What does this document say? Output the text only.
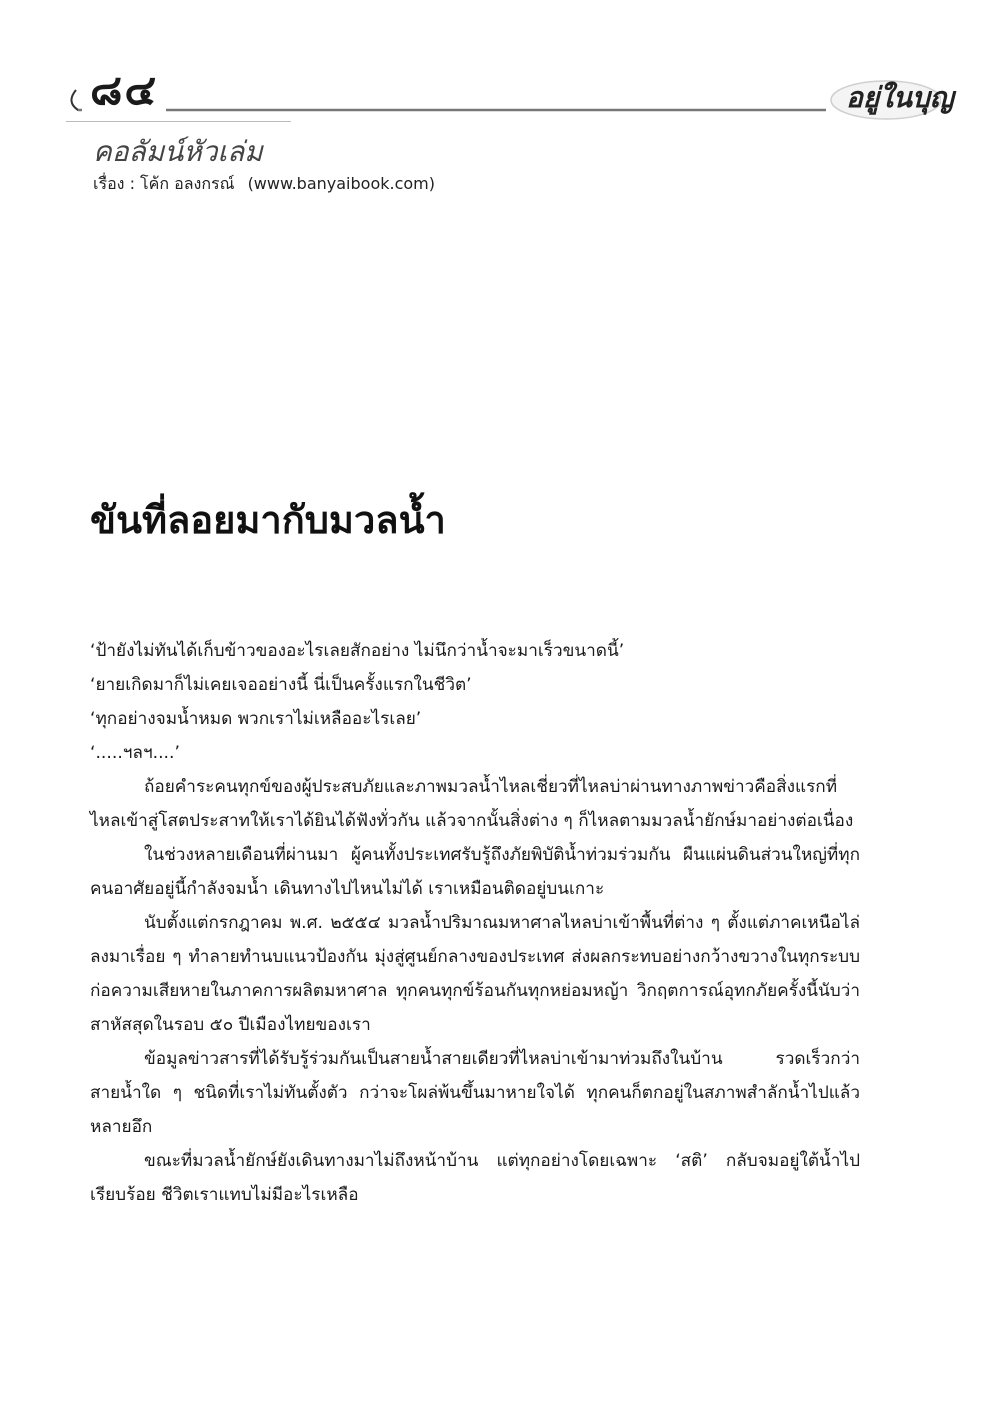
๘๔	อยู่ในบุญ
คอลัมน์หัวเล่ม
เรื่อง : โค้ก อลงกรณ์ (www.banyaibook.com)
ขันที่ลอยมากับมวลน้ำ

‘ป้ายังไม่ทันได้เก็บข้าวของอะไรเลยสักอย่าง ไม่นึกว่าน้ำจะมาเร็วขนาดนี้’

‘ยายเกิดมาก็ไม่เคยเจออย่างนี้ นี่เป็นครั้งแรกในชีวิต’

‘ทุกอย่างจมน้ำหมด พวกเราไม่เหลืออะไรเลย’

‘.....ฯลฯ....’

ถ้อยคำระคนทุกข์ของผู้ประสบภัยและภาพมวลน้ำไหลเชี่ยวที่ไหลบ่าผ่านทางภาพข่าวคือสิ่งแรกที่ไหลเข้าสู่โสตประสาทให้เราได้ยินได้ฟังทั่วกัน แล้วจากนั้นสิ่งต่าง ๆ ก็ไหลตามมวลน้ำยักษ์มาอย่างต่อเนื่อง

ในช่วงหลายเดือนที่ผ่านมา ผู้คนทั้งประเทศรับรู้ถึงภัยพิบัติน้ำท่วมร่วมกัน ผืนแผ่นดินส่วนใหญ่ที่ทุกคนอาศัยอยู่นี้กำลังจมน้ำ เดินทางไปไหนไม่ได้ เราเหมือนติดอยู่บนเกาะ

นับตั้งแต่กรกฎาคม พ.ศ. ๒๕๕๔ มวลน้ำปริมาณมหาศาลไหลบ่าเข้าพื้นที่ต่าง ๆ ตั้งแต่ภาคเหนือไล่ลงมาเรื่อย ๆ ทำลายทำนบแนวป้องกัน มุ่งสู่ศูนย์กลางของประเทศ ส่งผลกระทบอย่างกว้างขวางในทุกระบบ ก่อความเสียหายในภาคการผลิตมหาศาล ทุกคนทุกข์ร้อนกันทุกหย่อมหญ้า วิกฤตการณ์อุทกภัยครั้งนี้นับว่าสาหัสสุดในรอบ ๕๐ ปีเมืองไทยของเรา

ข้อมูลข่าวสารที่ได้รับรู้ร่วมกันเป็นสายน้ำสายเดียวที่ไหลบ่าเข้ามาท่วมถึงในบ้าน รวดเร็วกว่าสายน้ำใด ๆ ชนิดที่เราไม่ทันตั้งตัว กว่าจะโผล่พ้นขึ้นมาหายใจได้ ทุกคนก็ตกอยู่ในสภาพสำลักน้ำไปแล้วหลายอึก

ขณะที่มวลน้ำยักษ์ยังเดินทางมาไม่ถึงหน้าบ้าน แต่ทุกอย่างโดยเฉพาะ ‘สติ’ กลับจมอยู่ใต้น้ำไปเรียบร้อย ชีวิตเราแทบไม่มีอะไรเหลือ
